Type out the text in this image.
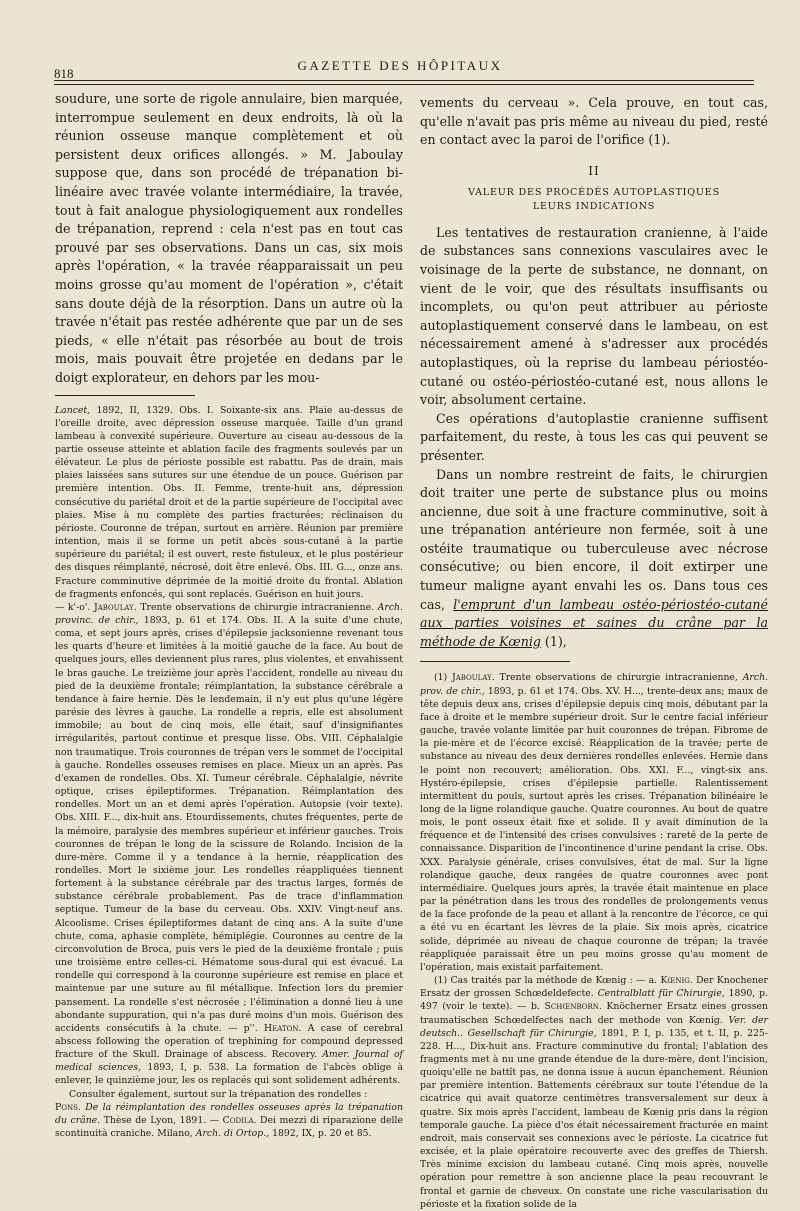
818
GAZETTE DES HÔPITAUX

soudure, une sorte de rigole annulaire, bien marquée, interrompue seulement en deux endroits, là où la réunion osseuse manque complètement et où persistent deux orifices allongés. » M. Jaboulay suppose que, dans son procédé de trépanation bi-linéaire avec travée volante intermédiaire, la travée, tout à fait analogue physiologiquement aux rondelles de trépanation, reprend : cela n'est pas en tout cas prouvé par ses observations. Dans un cas, six mois après l'opération, « la travée réapparaissait un peu moins grosse qu'au moment de l'opération », c'était sans doute déjà de la résorption. Dans un autre où la travée n'était pas restée adhérente que par un de ses pieds, « elle n'était pas résorbée au bout de trois mois, mais pouvait être projetée en dedans par le doigt explorateur, en dehors par les mou-

Lancet, 1892, II, 1329. Obs. I. Soixante-six ans. Plaie au-dessus de l'oreille droite, avec dépression osseuse marquée. Taille d'un grand lambeau à convexité supérieure. Ouverture au ciseau au-dessous de la partie osseuse atteinte et ablation facile des fragments soulevés par un élévateur. Le plus de périoste possible est rabattu. Pas de drain, mais plaies laissées sans sutures sur une étendue de un pouce. Guérison par première intention. Obs. II. Femme, trente-huit ans, dépression consécutive du pariétal droit et de la partie supérieure de l'occipital avec plaies. Mise à nu complète des parties fracturées; réclinaison du périoste. Couronne de trépan, surtout en arrière. Réunion par première intention, mais il se forme un petit abcès sous-cutané à la partie supérieure du pariétal; il est ouvert, reste fistuleux, et le plus postérieur des disques réimplanté, nécrosé, doit être enlevé. Obs. III. G..., onze ans. Fracture comminutive déprimée de la moitié droite du frontal. Ablation de fragments enfoncés, qui sont replacés. Guérison en huit jours.

— k'-o'. Jaboulay. Trente observations de chirurgie intracranienne. Arch. provinc. de chir., 1893, p. 61 et 174. Obs. II. A la suite d'une chute, coma, et sept jours après, crises d'épilepsie jacksonienne revenant tous les quarts d'heure et limitées à la moitié gauche de la face. Au bout de quelques jours, elles deviennent plus rares, plus violentes, et envahissent le bras gauche. Le treizième jour après l'accident, rondelle au niveau du pied de la deuxième frontale; réimplantation, la substance cérébrale a tendance à faire hernie. Dès le lendemain, il n'y eut plus qu'une légère parésie des lèvres à gauche. La rondelle a repris, elle est absolument immobile; au bout de cinq mois, elle était, sauf d'insignifiantes irrégularités, partout continue et presque lisse. Obs. VIII. Céphalalgie non traumatique. Trois couronnes de trépan vers le sommet de l'occipital à gauche. Rondelles osseuses remises en place. Mieux un an après. Pas d'examen de rondelles. Obs. XI. Tumeur cérébrale. Céphalalgie, névrite optique, crises épileptiformes. Trépanation. Réimplantation des rondelles. Mort un an et demi après l'opération. Autopsie (voir texte). Obs. XIII. F..., dix-huit ans. Etourdissements, chutes fréquentes, perte de la mémoire, paralysie des membres supérieur et inférieur gauches. Trois couronnes de trépan le long de la scissure de Rolando. Incision de la dure-mère. Comme il y a tendance à la hernie, réapplication des rondelles. Mort le sixième jour. Les rondelles réappliquées tiennent fortement à la substance cérébrale par des tractus larges, formés de substance cérébrale probablement. Pas de trace d'inflammation septique. Tumeur de la base du cerveau. Obs. XXIV. Vingt-neuf ans. Alcoolisme. Crises épileptiformes datant de cinq ans. A la suite d'une chute, coma, aphasie complète, hémiplégie. Couronnes au centre de la circonvolution de Broca, puis vers le pied de la deuxième frontale ; puis une troisième entre celles-ci. Hématome sous-dural qui est évacué. La rondelle qui correspond à la couronne supérieure est remise en place et maintenue par une suture au fil métallique. Infection lors du premier pansement. La rondelle s'est nécrosée ; l'élimination a donné lieu à une abondante suppuration, qui n'a pas duré moins d'un mois. Guérison des accidents consécutifs à la chute. — p''. Heaton. A case of cerebral abscess following the operation of trephining for compound depressed fracture of the Skull. Drainage of abscess. Recovery. Amer. Journal of medical sciences, 1893, I, p. 538. La formation de l'abcès oblige à enlever, le quinzième jour, les os replacés qui sont solidement adhérents.

Consulter également, surtout sur la trépanation des rondelles :

Pons. De la réimplantation des rondelles osseuses après la trépanation du crâne. Thèse de Lyon, 1891. — Codila. Dei mezzi di riparazione delle scontinuità craniche. Milano, Arch. di Ortop., 1892, IX, p. 20 et 85.

vements du cerveau ». Cela prouve, en tout cas, qu'elle n'avait pas pris même au niveau du pied, resté en contact avec la paroi de l'orifice (1).

II
VALEUR DES PROCÉDÉS AUTOPLASTIQUES
LEURS INDICATIONS

Les tentatives de restauration cranienne, à l'aide de substances sans connexions vasculaires avec le voisinage de la perte de substance, ne donnant, on vient de le voir, que des résultats insuffisants ou incomplets, ou qu'on peut attribuer au périoste autoplastiquement conservé dans le lambeau, on est nécessairement amené à s'adresser aux procédés autoplastiques, où la reprise du lambeau périostéo-cutané ou ostéo-périostéo-cutané est, nous allons le voir, absolument certaine.

Ces opérations d'autoplastie cranienne suffisent parfaitement, du reste, à tous les cas qui peuvent se présenter.

Dans un nombre restreint de faits, le chirurgien doit traiter une perte de substance plus ou moins ancienne, due soit à une fracture comminutive, soit à une trépanation antérieure non fermée, soit à une ostéite traumatique ou tuberculeuse avec nécrose consécutive; ou bien encore, il doit extirper une tumeur maligne ayant envahi les os. Dans tous ces cas, l'emprunt d'un lambeau ostéo-périostéo-cutané aux parties voisines et saines du crâne par la méthode de Kœnig (1),

(1) Jaboulay. Trente observations de chirurgie intracranienne, Arch. prov. de chir., 1893, p. 61 et 174. Obs. XV. H..., trente-deux ans; maux de tête depuis deux ans, crises d'épilepsie depuis cinq mois, débutant par la face à droite et le membre supérieur droit. Sur le centre facial inférieur gauche, travée volante limitée par huit couronnes de trépan. Fibrome de la pie-mère et de l'écorce excisé. Réapplication de la travée; perte de substance au niveau des deux dernières rondelles enlevées. Hernie dans le point non recouvert; amélioration. Obs. XXI. F..., vingt-six ans. Hystéro-épilepsie, crises d'épilepsie partielle. Ralentissement intermittent du pouls, surtout après les crises. Trépanation bilinéaire le long de la ligne rolandique gauche. Quatre couronnes. Au bout de quatre mois, le pont osseux était fixe et solide. Il y avait diminution de la fréquence et de l'intensité des crises convulsives : rareté de la perte de connaissance. Disparition de l'incontinence d'urine pendant la crise. Obs. XXX. Paralysie générale, crises convulsives, état de mal. Sur la ligne rolandique gauche, deux rangées de quatre couronnes avec pont intermédiaire. Quelques jours après, la travée était maintenue en place par la pénétration dans les trous des rondelles de prolongements venus de la face profonde de la peau et allant à la rencontre de l'écorce, ce qui a été vu en écartant les lèvres de la plaie. Six mois après, cicatrice solide, déprimée au niveau de chaque couronne de trépan; la travée réappliquée paraissait être un peu moins grosse qu'au moment de l'opération, mais existait parfaitement.

(1) Cas traités par la méthode de Kœnig : — a. Kœnig. Der Knochener Ersatz der grossen Schœdeldefecte. Centralblatt für Chirurgie, 1890, p. 497 (voir le texte). — b. Schœnborn. Knöcherner Ersatz eines grossen traumatischen Schœdelfectes nach der methode von Kœnig. Ver. der deutsch.. Gesellschaft für Chirurgie, 1891, P. I, p. 135, et t. II, p. 225-228. H..., Dix-huit ans. Fracture comminutive du frontal; l'ablation des fragments met à nu une grande étendue de la dure-mère, dont l'incision, quoiqu'elle ne battît pas, ne donna issue à aucun épanchement. Réunion par première intention. Battements cérébraux sur toute l'étendue de la cicatrice qui avait quatorze centimètres transversalement sur deux à quatre. Six mois après l'accident, lambeau de Kœnig pris dans la région temporale gauche. La pièce d'os était nécessairement fracturée en maint endroit, mais conservait ses connexions avec le périoste. La cicatrice fut excisée, et la plaie opératoire recouverte avec des greffes de Thiersh. Très minime excision du lambeau cutané. Cinq mois après, nouvelle opération pour remettre à son ancienne place la peau recouvrant le frontal et garnie de cheveux. On constate une riche vascularisation du périoste et la fixation solide de la
